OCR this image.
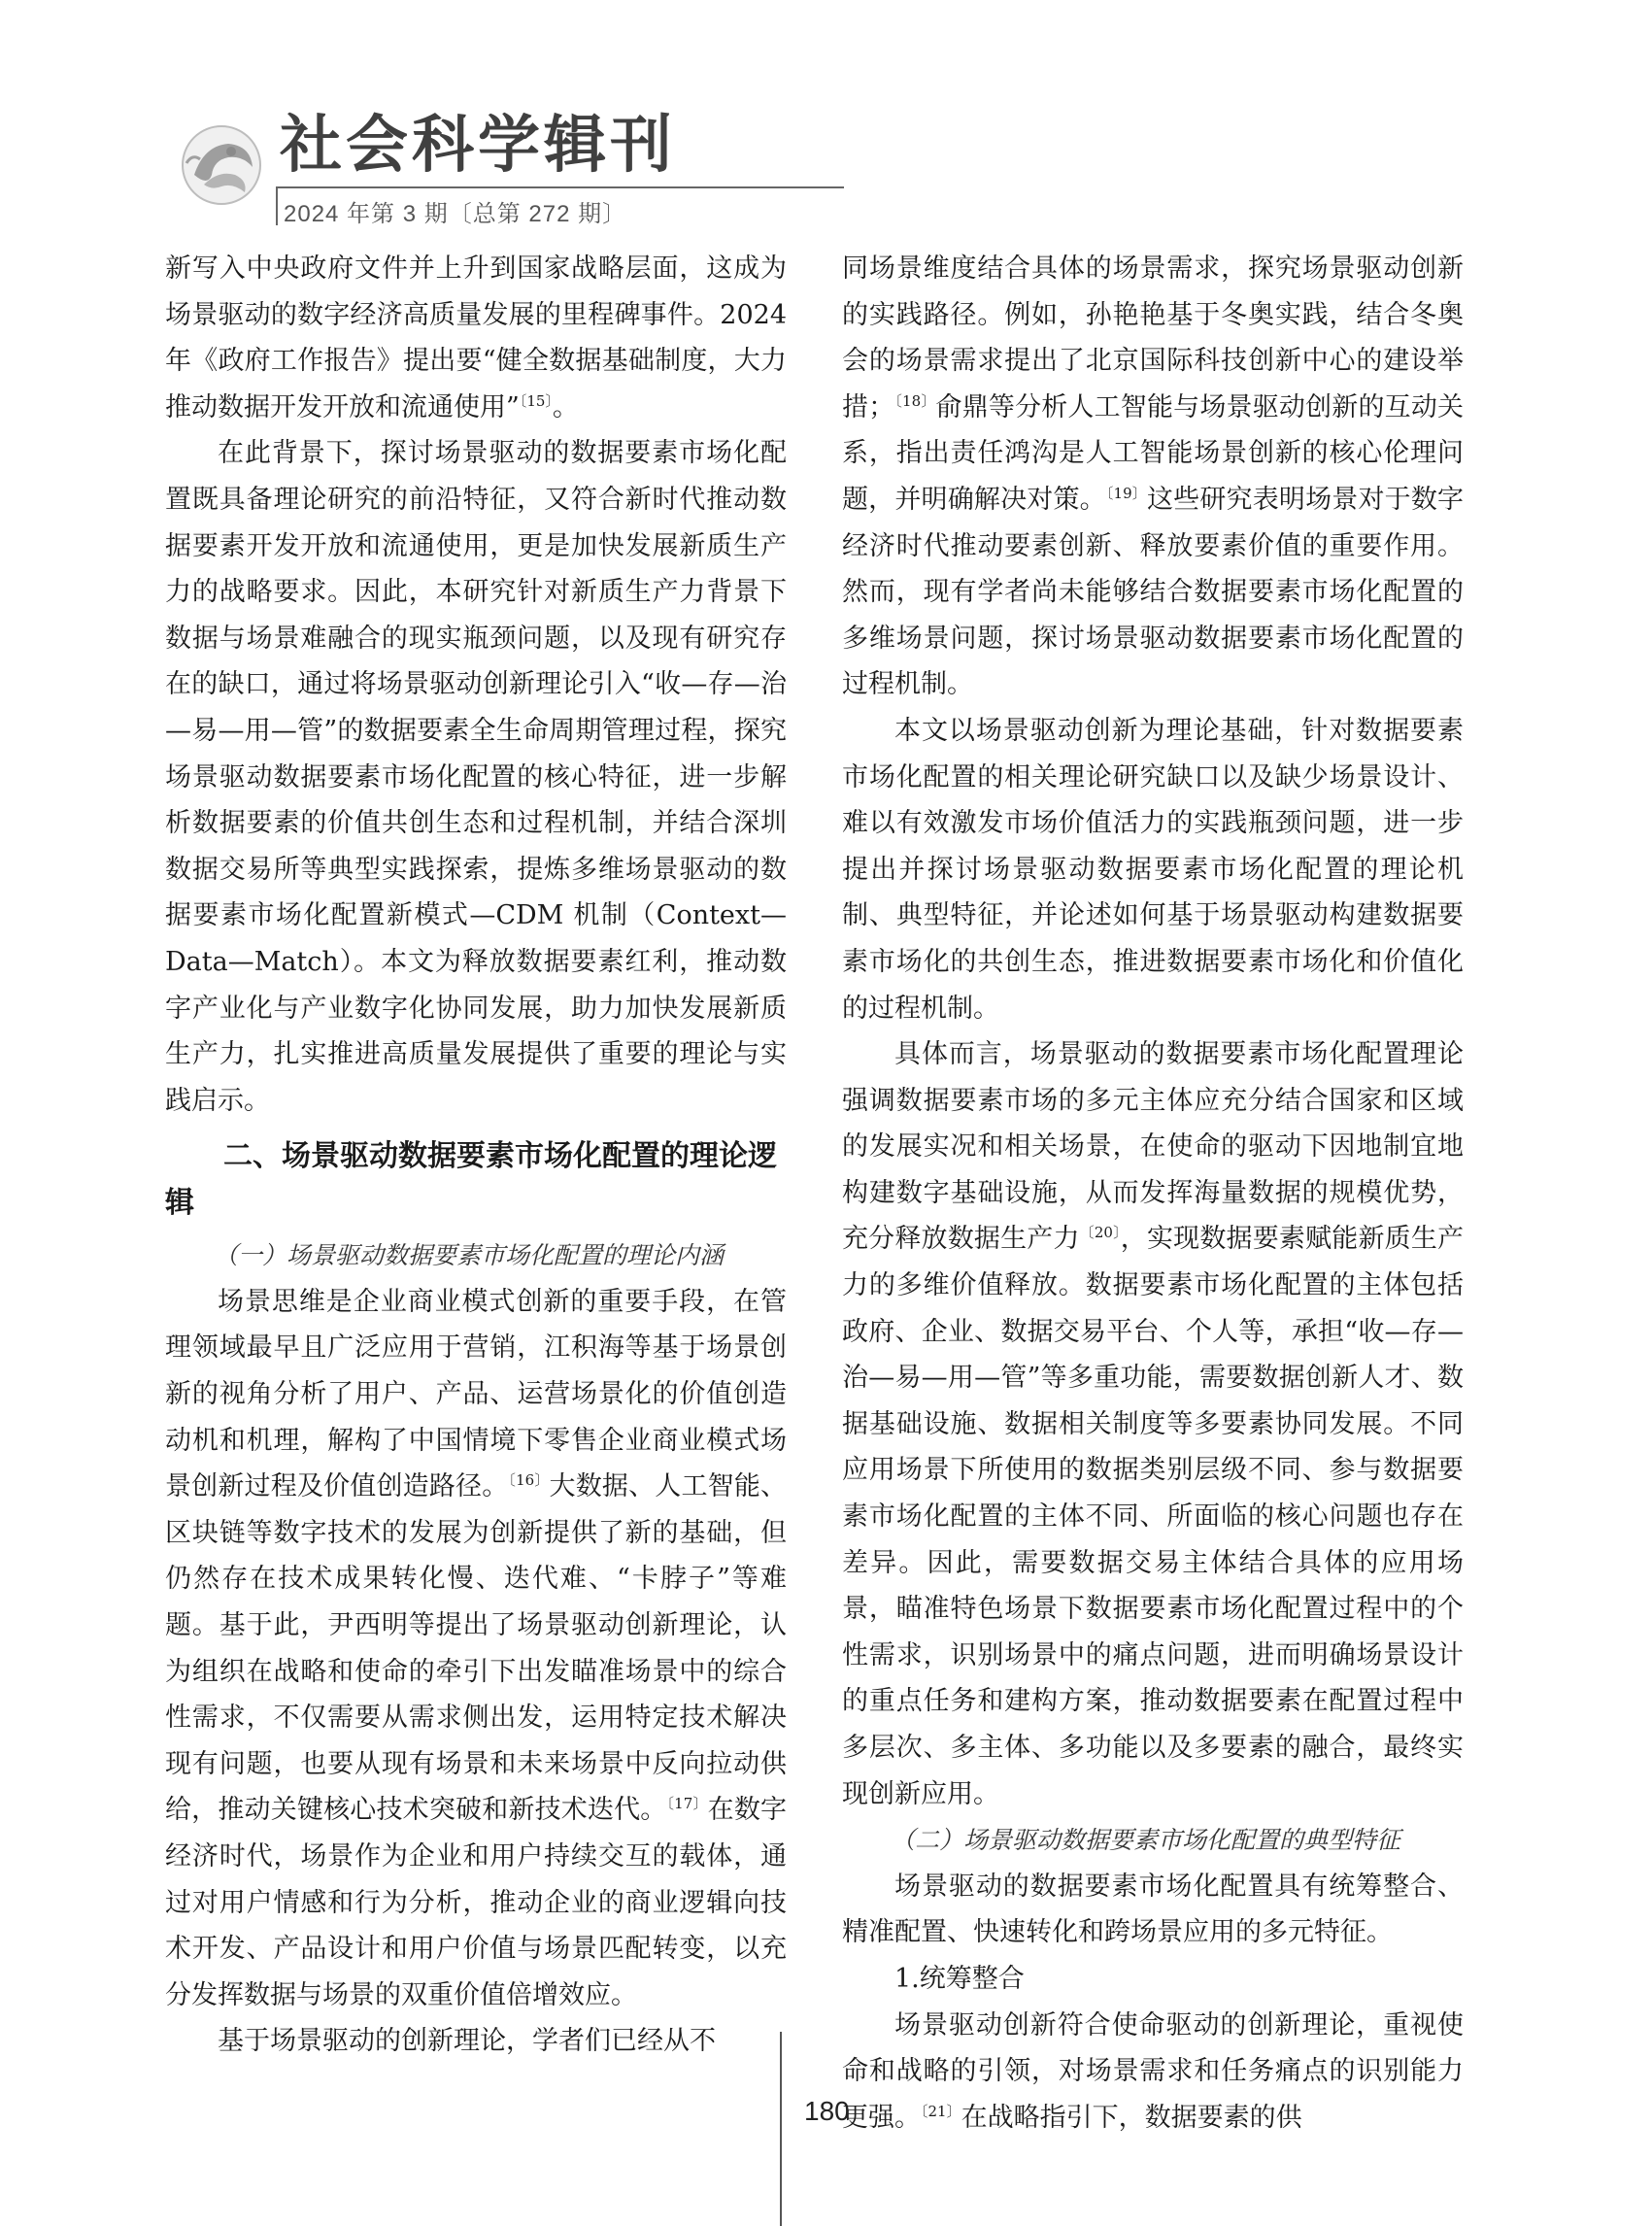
社会科学辑刊

2024 年第 3 期〔总第 272 期〕

新写入中央政府文件并上升到国家战略层面，这成为场景驱动的数字经济高质量发展的里程碑事件。2024年《政府工作报告》提出要“健全数据基础制度，大力推动数据开发开放和流通使用”$^{〔15〕}$。

在此背景下，探讨场景驱动的数据要素市场化配置既具备理论研究的前沿特征，又符合新时代推动数据要素开发开放和流通使用，更是加快发展新质生产力的战略要求。因此，本研究针对新质生产力背景下数据与场景难融合的现实瓶颈问题，以及现有研究存在的缺口，通过将场景驱动创新理论引入“收—存—治—易—用—管”的数据要素全生命周期管理过程，探究场景驱动数据要素市场化配置的核心特征，进一步解析数据要素的价值共创生态和过程机制，并结合深圳数据交易所等典型实践探索，提炼多维场景驱动的数据要素市场化配置新模式—CDM 机制（Context—Data—Match）。本文为释放数据要素红利，推动数字产业化与产业数字化协同发展，助力加快发展新质生产力，扎实推进高质量发展提供了重要的理论与实践启示。

二、场景驱动数据要素市场化配置的理论逻辑
（一）场景驱动数据要素市场化配置的理论内涵

场景思维是企业商业模式创新的重要手段，在管理领域最早且广泛应用于营销，江积海等基于场景创新的视角分析了用户、产品、运营场景化的价值创造动机和机理，解构了中国情境下零售企业商业模式场景创新过程及价值创造路径。$^{〔16〕}$大数据、人工智能、区块链等数字技术的发展为创新提供了新的基础，但仍然存在技术成果转化慢、迭代难、“卡脖子”等难题。基于此，尹西明等提出了场景驱动创新理论，认为组织在战略和使命的牵引下出发瞄准场景中的综合性需求，不仅需要从需求侧出发，运用特定技术解决现有问题，也要从现有场景和未来场景中反向拉动供给，推动关键核心技术突破和新技术迭代。$^{〔17〕}$在数字经济时代，场景作为企业和用户持续交互的载体，通过对用户情感和行为分析，推动企业的商业逻辑向技术开发、产品设计和用户价值与场景匹配转变，以充分发挥数据与场景的双重价值倍增效应。

基于场景驱动的创新理论，学者们已经从不

同场景维度结合具体的场景需求，探究场景驱动创新的实践路径。例如，孙艳艳基于冬奥实践，结合冬奥会的场景需求提出了北京国际科技创新中心的建设举措；$^{〔18〕}$俞鼎等分析人工智能与场景驱动创新的互动关系，指出责任鸿沟是人工智能场景创新的核心伦理问题，并明确解决对策。$^{〔19〕}$这些研究表明场景对于数字经济时代推动要素创新、释放要素价值的重要作用。然而，现有学者尚未能够结合数据要素市场化配置的多维场景问题，探讨场景驱动数据要素市场化配置的过程机制。

本文以场景驱动创新为理论基础，针对数据要素市场化配置的相关理论研究缺口以及缺少场景设计、难以有效激发市场价值活力的实践瓶颈问题，进一步提出并探讨场景驱动数据要素市场化配置的理论机制、典型特征，并论述如何基于场景驱动构建数据要素市场化的共创生态，推进数据要素市场化和价值化的过程机制。

具体而言，场景驱动的数据要素市场化配置理论强调数据要素市场的多元主体应充分结合国家和区域的发展实况和相关场景，在使命的驱动下因地制宜地构建数字基础设施，从而发挥海量数据的规模优势，充分释放数据生产力$^{〔20〕}$，实现数据要素赋能新质生产力的多维价值释放。数据要素市场化配置的主体包括政府、企业、数据交易平台、个人等，承担“收—存—治—易—用—管”等多重功能，需要数据创新人才、数据基础设施、数据相关制度等多要素协同发展。不同应用场景下所使用的数据类别层级不同、参与数据要素市场化配置的主体不同、所面临的核心问题也存在差异。因此，需要数据交易主体结合具体的应用场景，瞄准特色场景下数据要素市场化配置过程中的个性需求，识别场景中的痛点问题，进而明确场景设计的重点任务和建构方案，推动数据要素在配置过程中多层次、多主体、多功能以及多要素的融合，最终实现创新应用。

（二）场景驱动数据要素市场化配置的典型特征

场景驱动的数据要素市场化配置具有统筹整合、精准配置、快速转化和跨场景应用的多元特征。

1.统筹整合

场景驱动创新符合使命驱动的创新理论，重视使命和战略的引领，对场景需求和任务痛点的识别能力更强。$^{〔21〕}$在战略指引下，数据要素的供

180
